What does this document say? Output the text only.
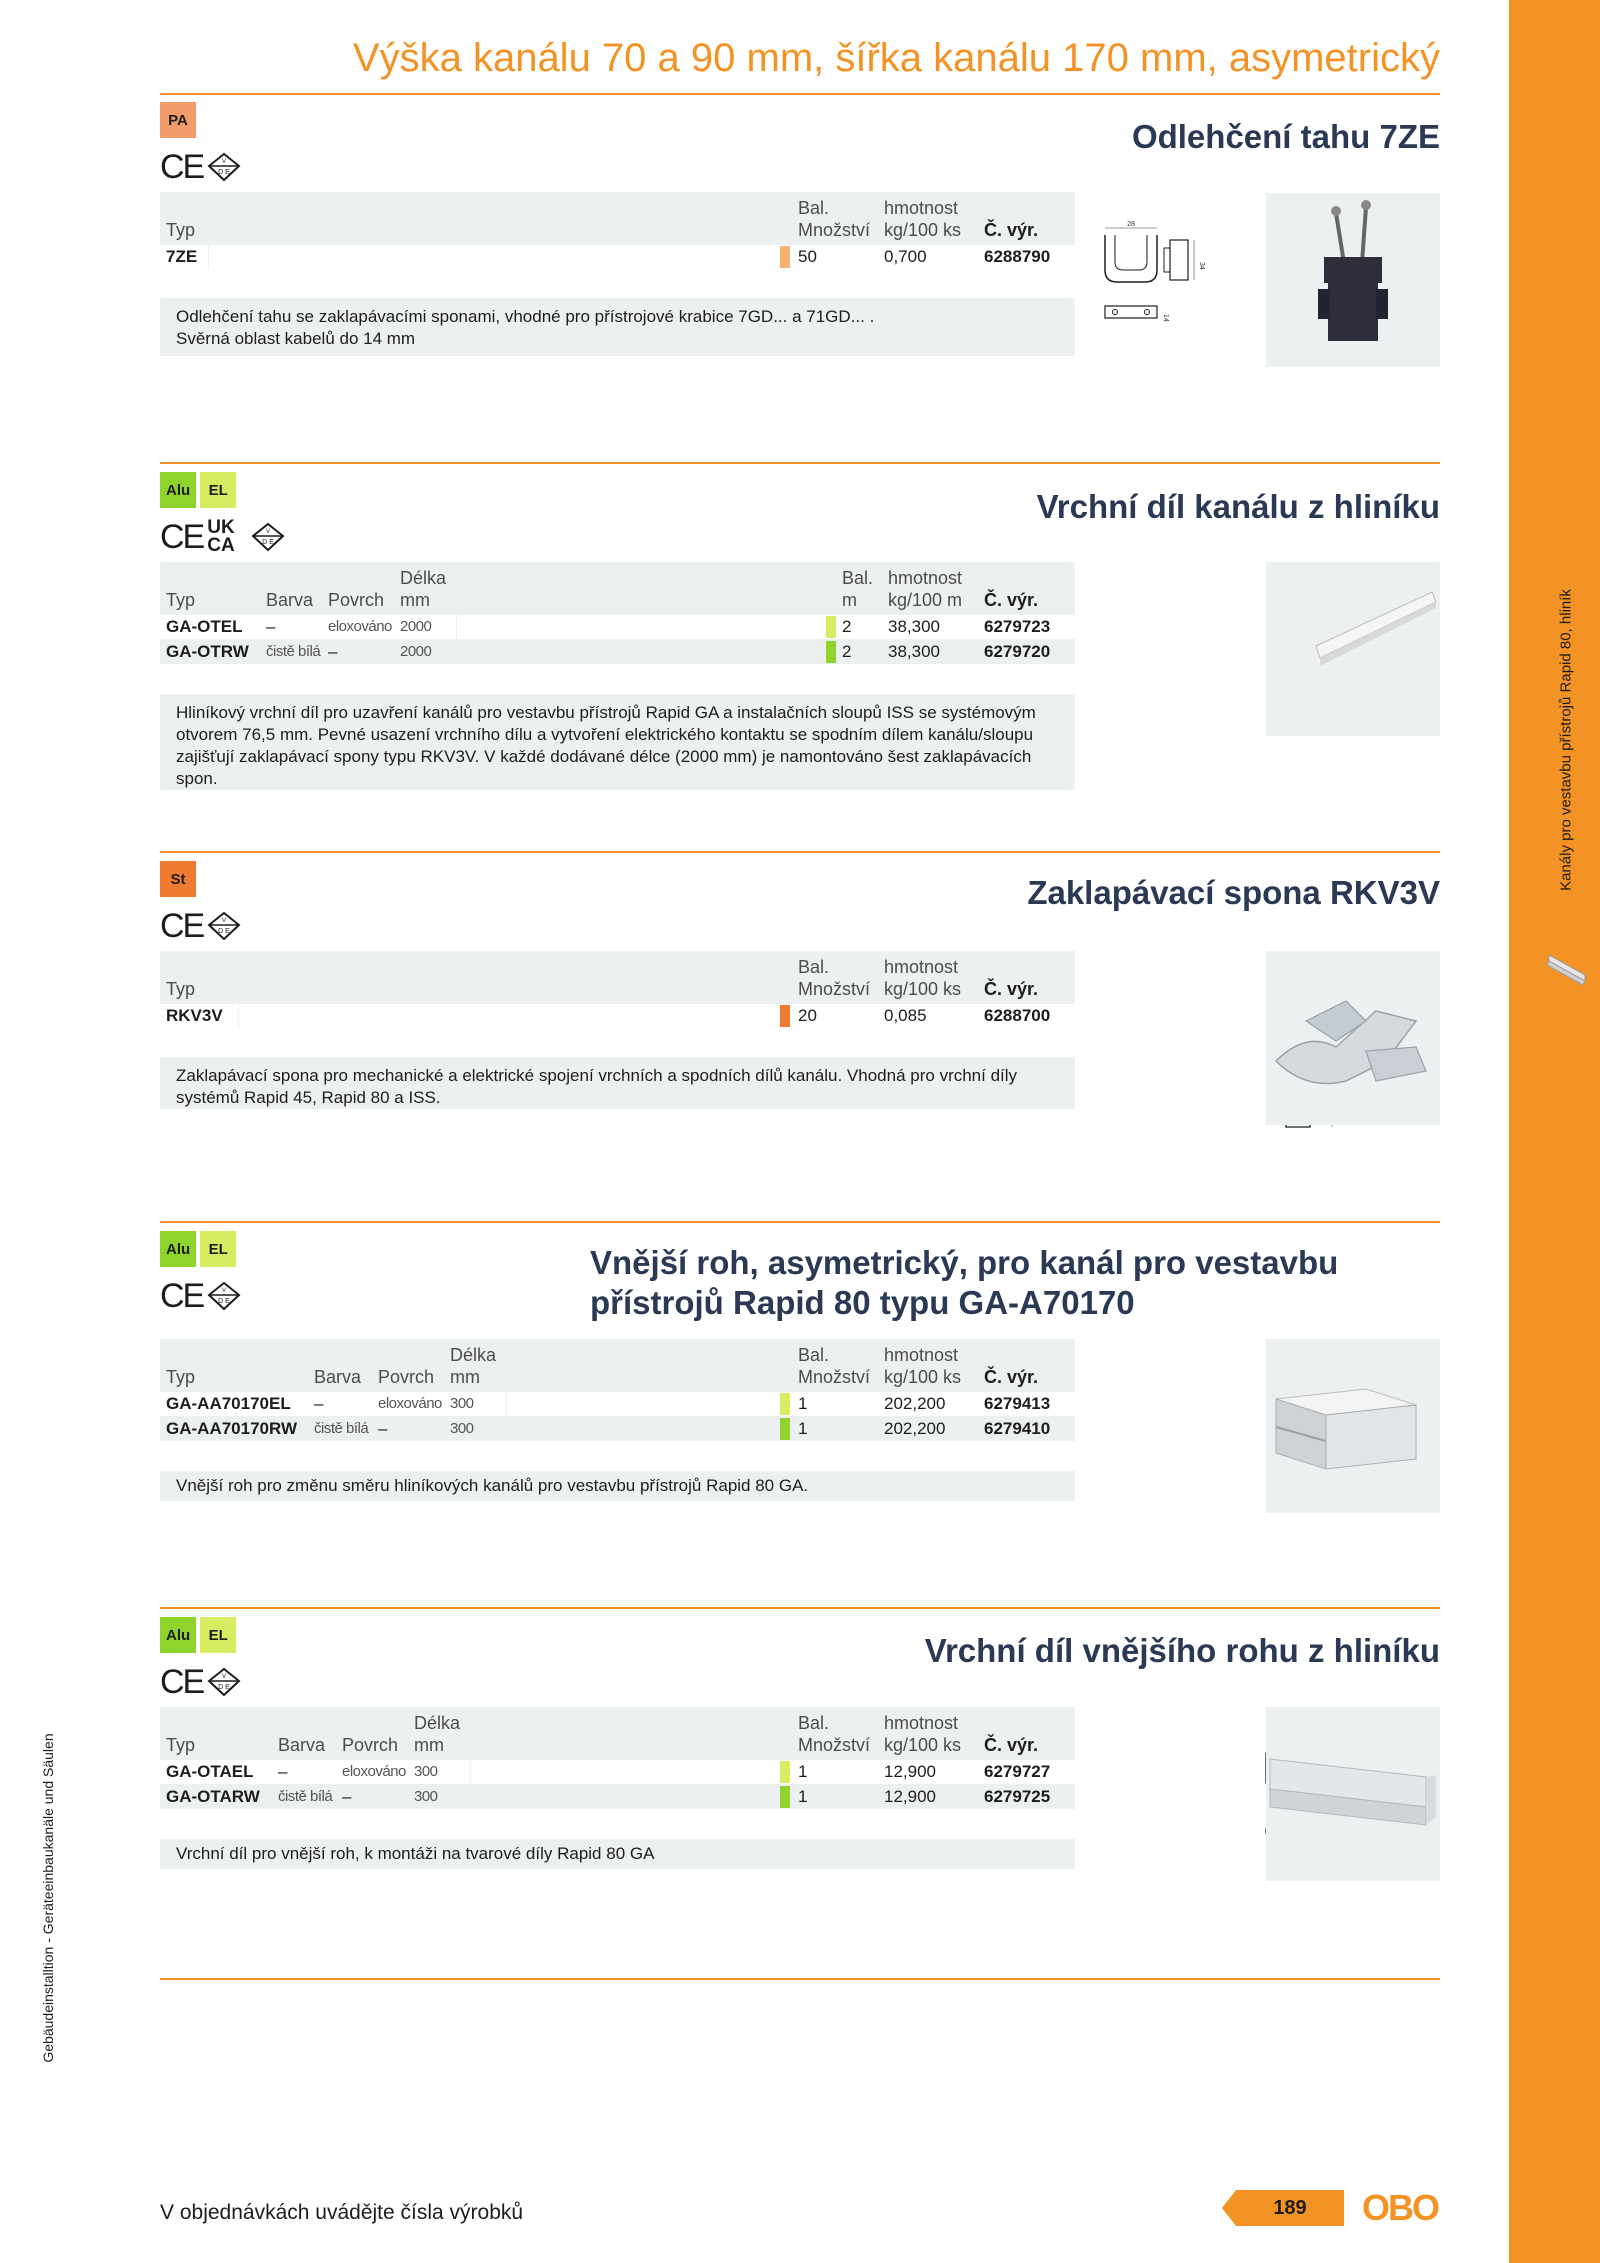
Kanály pro vestavbu přístrojů Rapid 80, hliník
Gebäudeinstalltion - Geräteeinbaukanäle und Säulen
Výška kanálu 70 a 90 mm, šířka kanálu 170 mm, asymetrický
PA
CE D E
V
Odlehčení tahu 7ZE
Typ
Bal.
Množství
hmotnost
kg/100 ks Č. výr.
7ZE	50	0,700	6288790
Odlehčení tahu se zaklapávacími sponami, vhodné pro přístrojové krabice 7GD... a 71GD... .
Svěrná oblast kabelů do 14 mm
28
34
14
Alu	EL
CE UK CA	D E
V
Vrchní díl kanálu z hliníku
Typ	Barva Povrch
Délka
mm
Bal.
m
hmotnost
kg/100 m Č. výr.
GA-OTEL –	eloxováno 2000	2 38,300	6279723
GA-OTRW čistě bílá –	2000	2 38,300	6279720
Hliníkový vrchní díl pro uzavření kanálů pro vestavbu přístrojů Rapid GA a instalačních sloupů ISS se systémovým otvorem 76,5 mm. Pevné usazení vrchního dílu a vytvoření elektrického kontaktu se spodním dílem kanálu/sloupu zajišťují zaklapávací spony typu RKV3V. V každé dodávané délce (2000 mm) je namontováno šest zaklapávacích spon.
St
CE D E
V
Zaklapávací spona RKV3V
Typ
Bal.
Množství
hmotnost
kg/100 ks Č. výr.
RKV3V	20	0,085	6288700
Zaklapávací spona pro mechanické a elektrické spojení vrchních a spodních dílů kanálu. Vhodná pro vrchní díly systémů Rapid 45, Rapid 80 a ISS.
Alu	EL
CE D E
V
Vnější roh, asymetrický, pro kanál pro vestavbu přístrojů Rapid 80 typu GA-A70170
Typ	Barva Povrch
Délka
mm
Bal.
Množství
hmotnost
kg/100 ks Č. výr.
GA-AA70170EL –	eloxováno 300	1	202,200 6279413
GA-AA70170RW čistě bílá –	300	1	202,200 6279410
Vnější roh pro změnu směru hliníkových kanálů pro vestavbu přístrojů Rapid 80 GA.
Alu	EL
CE D E
V
Vrchní díl vnějšího rohu z hliníku
Typ	Barva Povrch
Délka
mm
Bal.
Množství
hmotnost
kg/100 ks Č. výr.
GA-OTAEL –	eloxováno 300	1	12,900	6279727
GA-OTARW čistě bílá –	300	1	12,900	6279725
Vrchní díl pro vnější roh, k montáži na tvarové díly Rapid 80 GA
V objednávkách uvádějte čísla výrobků	189	OBO
